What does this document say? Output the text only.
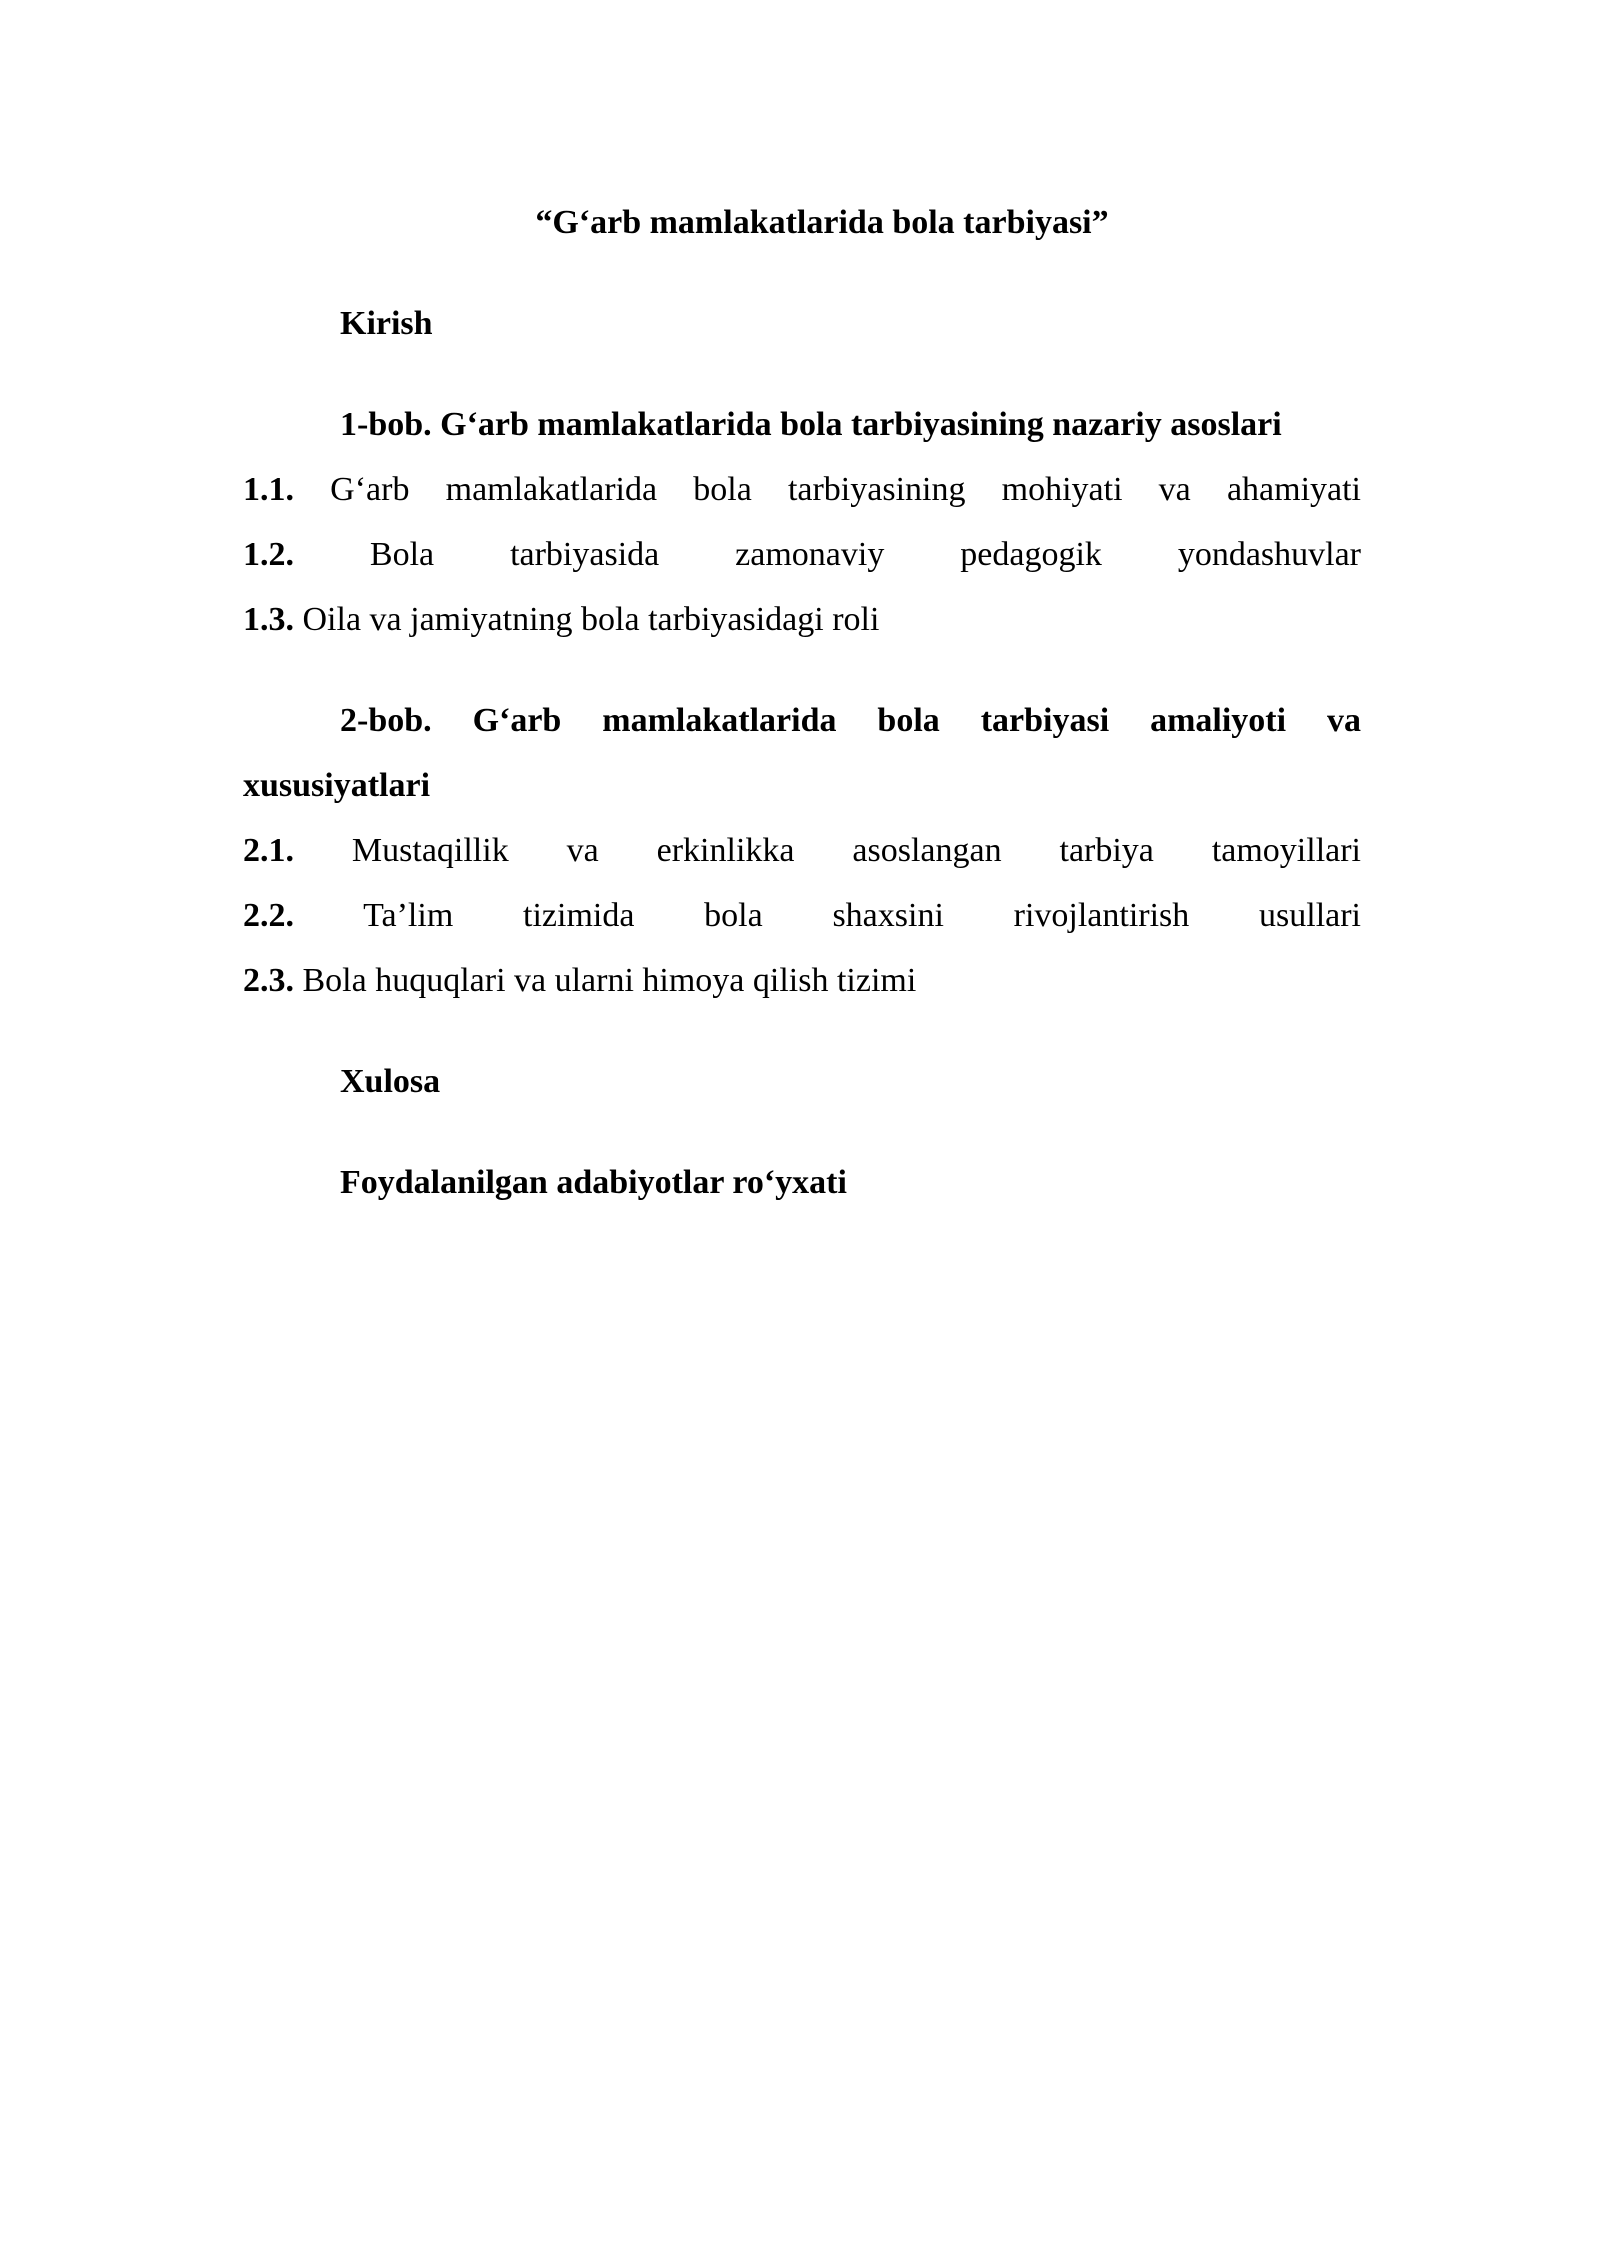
“G‘arb mamlakatlarida bola tarbiyasi”

Kirish

1-bob. G‘arb mamlakatlarida bola tarbiyasining nazariy asoslari

1.1. G‘arb mamlakatlarida bola tarbiyasining mohiyati va ahamiyati

1.2. Bola tarbiyasida zamonaviy pedagogik yondashuvlar

1.3. Oila va jamiyatning bola tarbiyasidagi roli

2-bob. G‘arb mamlakatlarida bola tarbiyasi amaliyoti va xususiyatlari

2.1. Mustaqillik va erkinlikka asoslangan tarbiya tamoyillari

2.2. Ta’lim tizimida bola shaxsini rivojlantirish usullari

2.3. Bola huquqlari va ularni himoya qilish tizimi

Xulosa

Foydalanilgan adabiyotlar ro‘yxati
